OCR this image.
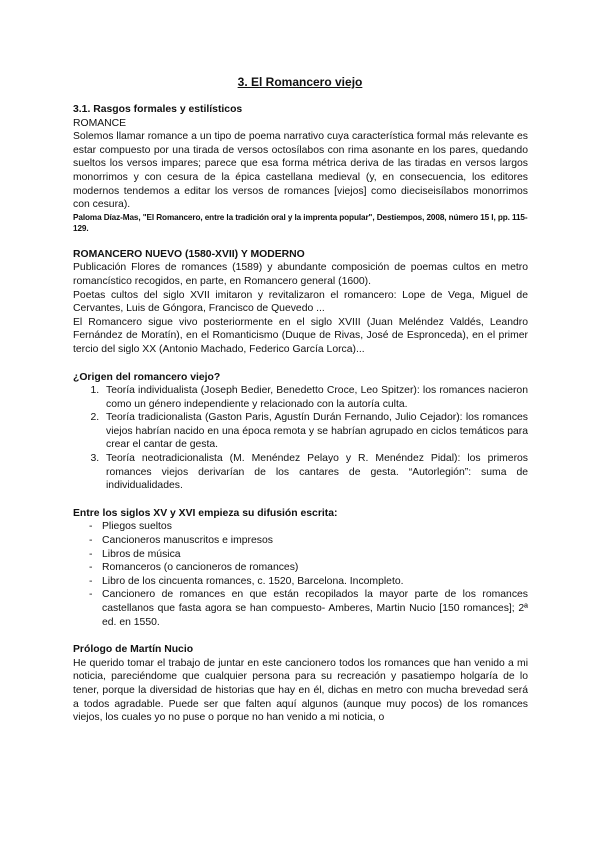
3. El Romancero viejo

3.1. Rasgos formales y estilísticos

ROMANCE

Solemos llamar romance a un tipo de poema narrativo cuya característica formal más relevante es estar compuesto por una tirada de versos octosílabos con rima asonante en los pares, quedando sueltos los versos impares; parece que esa forma métrica deriva de las tiradas en versos largos monorrimos y con cesura de la épica castellana medieval (y, en consecuencia, los editores modernos tendemos a editar los versos de romances [viejos] como dieciseisílabos monorrimos con cesura).

Paloma Díaz-Mas, "El Romancero, entre la tradición oral y la imprenta popular", Destiempos, 2008, número 15 I, pp. 115-129.

ROMANCERO NUEVO (1580-XVII) Y MODERNO

Publicación Flores de romances (1589) y abundante composición de poemas cultos en metro romancístico recogidos, en parte, en Romancero general (1600).

Poetas cultos del siglo XVII imitaron y revitalizaron el romancero: Lope de Vega, Miguel de Cervantes, Luis de Góngora, Francisco de Quevedo ...

El Romancero sigue vivo posteriormente en el siglo XVIII (Juan Meléndez Valdés, Leandro Fernández de Moratín), en el Romanticismo (Duque de Rivas, José de Espronceda), en el primer tercio del siglo XX (Antonio Machado, Federico García Lorca)...

¿Origen del romancero viejo?

1. Teoría individualista (Joseph Bedier, Benedetto Croce, Leo Spitzer): los romances nacieron como un género independiente y relacionado con la autoría culta.
2. Teoría tradicionalista (Gaston Paris, Agustín Durán Fernando, Julio Cejador): los romances viejos habrían nacido en una época remota y se habrían agrupado en ciclos temáticos para crear el cantar de gesta.
3. Teoría neotradicionalista (M. Menéndez Pelayo y R. Menéndez Pidal): los primeros romances viejos derivarían de los cantares de gesta. “Autorlegión”: suma de individualidades.

Entre los siglos XV y XVI empieza su difusión escrita:

- Pliegos sueltos
- Cancioneros manuscritos e impresos
- Libros de música
- Romanceros (o cancioneros de romances)
- Libro de los cincuenta romances, c. 1520, Barcelona. Incompleto.
- Cancionero de romances en que están recopilados la mayor parte de los romances castellanos que fasta agora se han compuesto- Amberes, Martin Nucio [150 romances]; 2ª ed. en 1550.

Prólogo de Martín Nucio

He querido tomar el trabajo de juntar en este cancionero todos los romances que han venido a mi noticia, pareciéndome que cualquier persona para su recreación y pasatiempo holgaría de lo tener, porque la diversidad de historias que hay en él, dichas en metro con mucha brevedad será a todos agradable. Puede ser que falten aquí algunos (aunque muy pocos) de los romances viejos, los cuales yo no puse o porque no han venido a mi noticia, o
